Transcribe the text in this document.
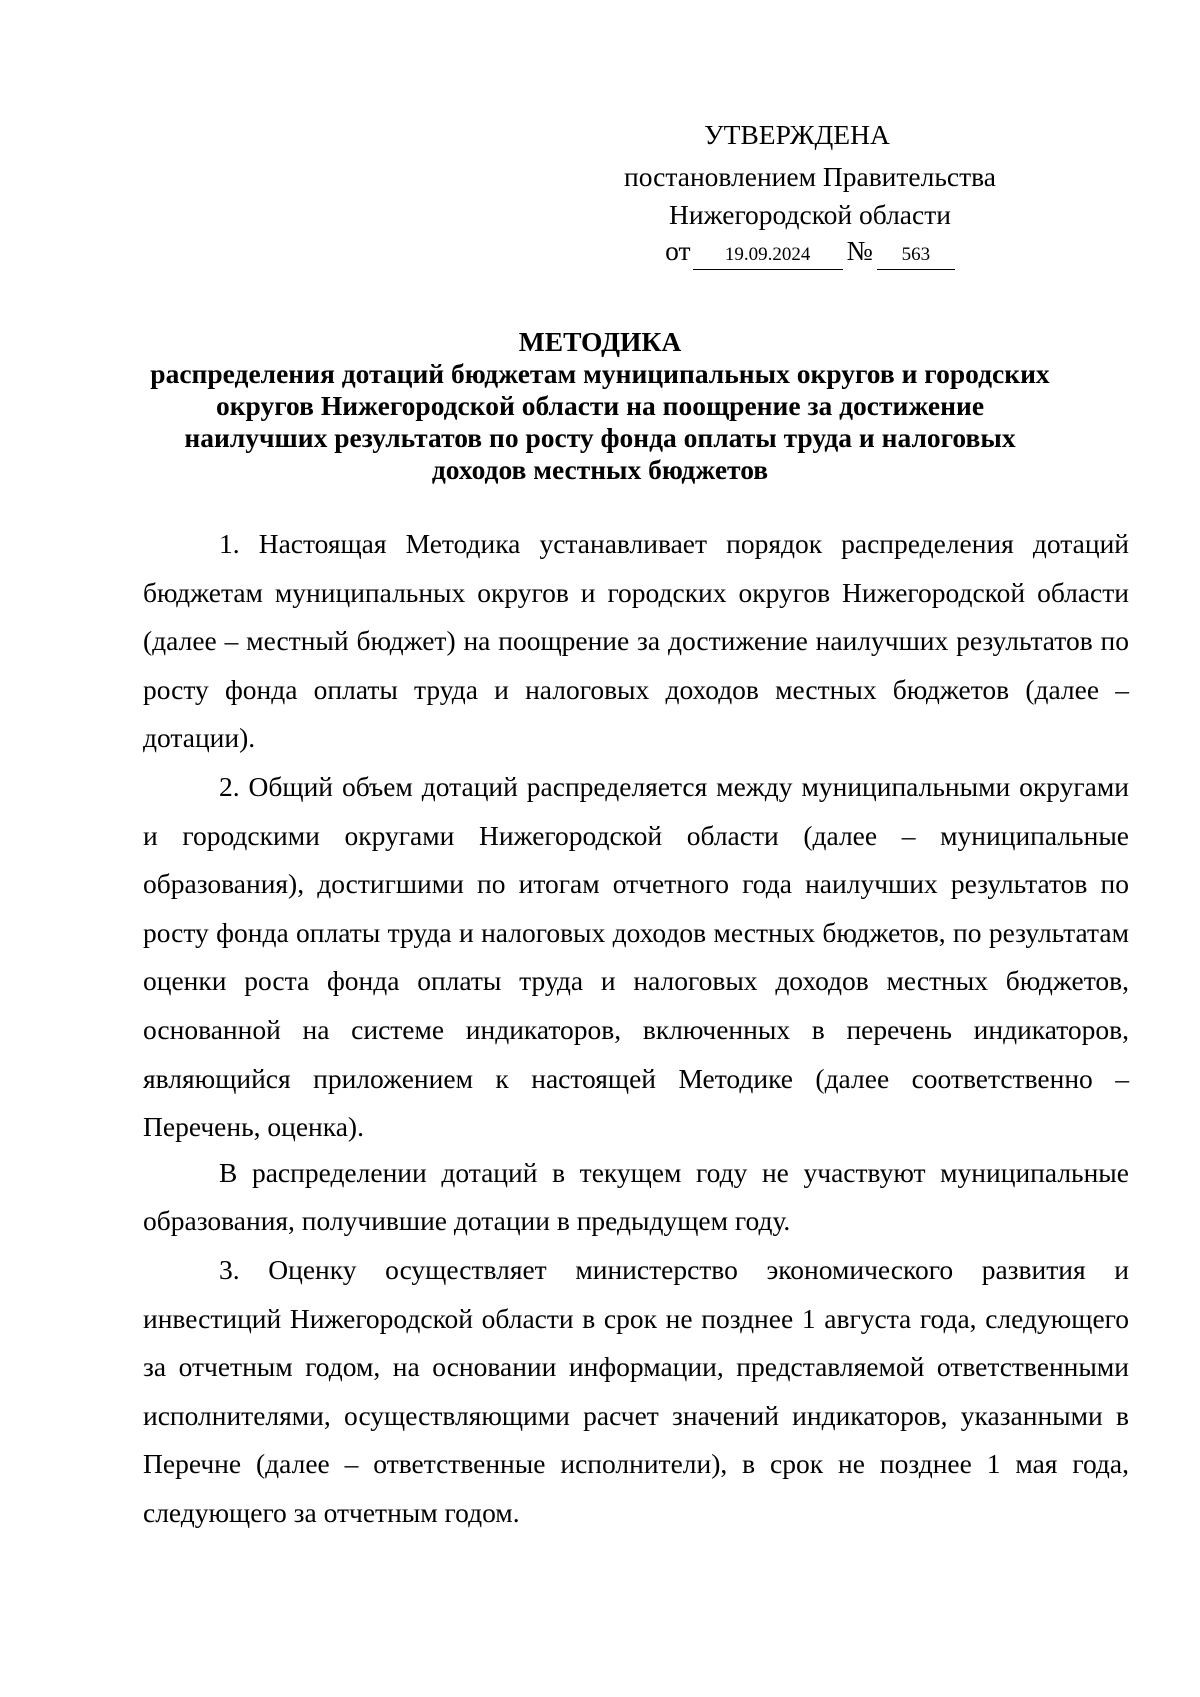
УТВЕРЖДЕНА
постановлением Правительства
Нижегородской области
от	19.09.2024	№	563
МЕТОДИКА
распределения дотаций бюджетам муниципальных округов и городских округов Нижегородской области на поощрение за достижение наилучших результатов по росту фонда оплаты труда и налоговых доходов местных бюджетов

1. Настоящая Методика устанавливает порядок распределения дотаций бюджетам муниципальных округов и городских округов Нижегородской области (далее – местный бюджет) на поощрение за достижение наилучших результатов по росту фонда оплаты труда и налоговых доходов местных бюджетов (далее – дотации).

2. Общий объем дотаций распределяется между муниципальными округами и городскими округами Нижегородской области (далее – муниципальные образования), достигшими по итогам отчетного года наилучших результатов по росту фонда оплаты труда и налоговых доходов местных бюджетов, по результатам оценки роста фонда оплаты труда и налоговых доходов местных бюджетов, основанной на системе индикаторов, включенных в перечень индикаторов, являющийся приложением к настоящей Методике (далее соответственно – Перечень, оценка).

В распределении дотаций в текущем году не участвуют муниципальные образования, получившие дотации в предыдущем году.

3. Оценку осуществляет министерство экономического развития и инвестиций Нижегородской области в срок не позднее 1 августа года, следующего за отчетным годом, на основании информации, представляемой ответственными исполнителями, осуществляющими расчет значений индикаторов, указанными в Перечне (далее – ответственные исполнители), в срок не позднее 1 мая года, следующего за отчетным годом.
